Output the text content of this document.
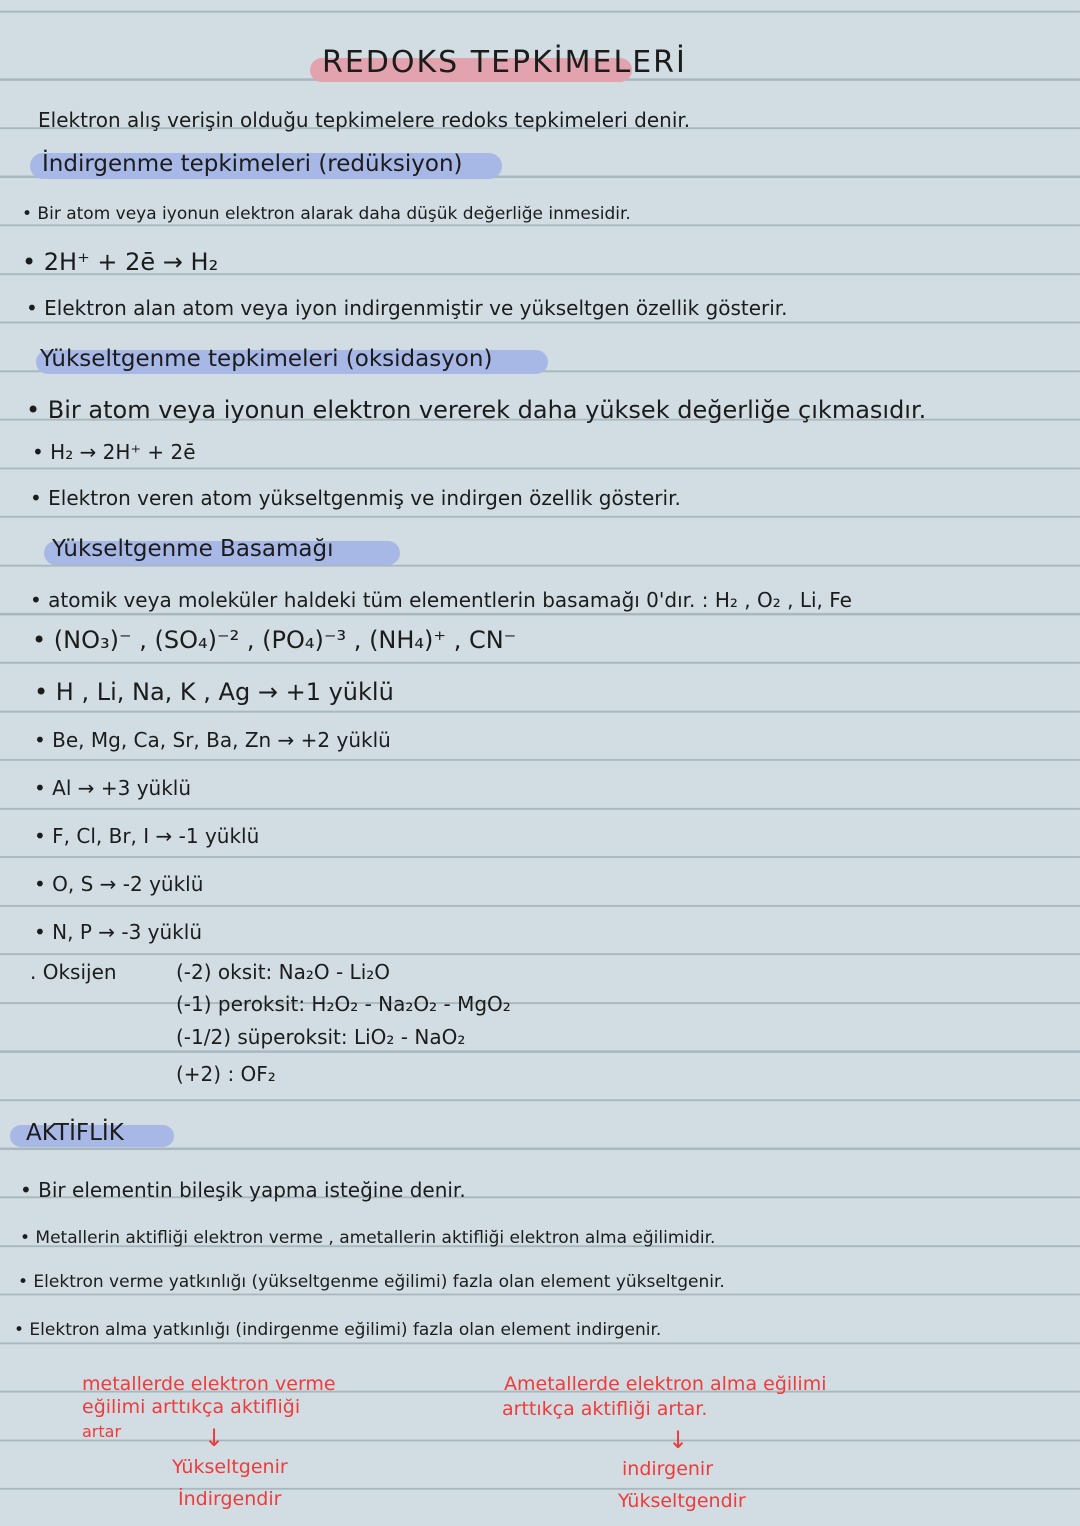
REDOKS TEPKİMELERİ
Elektron alış verişin olduğu tepkimelere redoks tepkimeleri denir.
İndirgenme tepkimeleri (redüksiyon)
• Bir atom veya iyonun elektron alarak daha düşük değerliğe inmesidir.
• 2H⁺ + 2ē → H₂
• Elektron alan atom veya iyon indirgenmiştir ve yükseltgen özellik gösterir.
Yükseltgenme tepkimeleri (oksidasyon)
• Bir atom veya iyonun elektron vererek daha yüksek değerliğe çıkmasıdır.
• H₂ → 2H⁺ + 2ē
• Elektron veren atom yükseltgenmiş ve indirgen özellik gösterir.
Yükseltgenme Basamağı
• atomik veya moleküler haldeki tüm elementlerin basamağı 0'dır. : H₂ , O₂ , Li, Fe
• (NO₃)⁻ , (SO₄)⁻² , (PO₄)⁻³ , (NH₄)⁺ , CN⁻
• H , Li, Na, K , Ag → +1 yüklü
• Be, Mg, Ca, Sr, Ba, Zn → +2 yüklü
• Al → +3 yüklü
• F, Cl, Br, I → -1 yüklü
• O, S → -2 yüklü
• N, P → -3 yüklü
. Oksijen	(-2) oksit: Na₂O - Li₂O
(-1) peroksit: H₂O₂ - Na₂O₂ - MgO₂
(-1/2) süperoksit: LiO₂ - NaO₂
(+2) : OF₂
AKTİFLİK
• Bir elementin bileşik yapma isteğine denir.
• Metallerin aktifliği elektron verme , ametallerin aktifliği elektron alma eğilimidir.
• Elektron verme yatkınlığı (yükseltgenme eğilimi) fazla olan element yükseltgenir.
• Elektron alma yatkınlığı (indirgenme eğilimi) fazla olan element indirgenir.
metallerde elektron verme
eğilimi arttıkça aktifliği
artar	↓
Yükseltgenir
İndirgendir
Ametallerde elektron alma eğilimi
arttıkça aktifliği artar.
↓
indirgenir
Yükseltgendir
